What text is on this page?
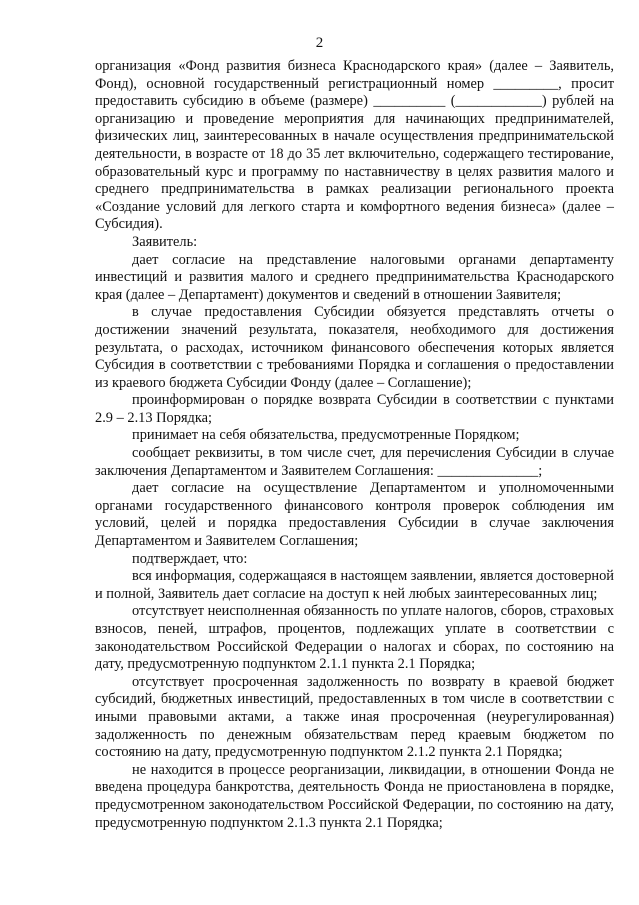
2

организация «Фонд развития бизнеса Краснодарского края» (далее – Заявитель, Фонд), основной государственный регистрационный номер _________, просит предоставить субсидию в объеме (размере) __________ (____________) рублей на организацию и проведение мероприятия для начинающих предпринимателей, физических лиц, заинтересованных в начале осуществления предпринимательской деятельности, в возрасте от 18 до 35 лет включительно, содержащего тестирование, образовательный курс и программу по наставничеству в целях развития малого и среднего предпринимательства в рамках реализации регионального проекта «Создание условий для легкого старта и комфортного ведения бизнеса» (далее – Субсидия).

Заявитель:

дает согласие на представление налоговыми органами департаменту инвестиций и развития малого и среднего предпринимательства Краснодарского края (далее – Департамент) документов и сведений в отношении Заявителя;

в случае предоставления Субсидии обязуется представлять отчеты о достижении значений результата, показателя, необходимого для достижения результата, о расходах, источником финансового обеспечения которых является Субсидия в соответствии с требованиями Порядка и соглашения о предоставлении из краевого бюджета Субсидии Фонду (далее – Соглашение);

проинформирован о порядке возврата Субсидии в соответствии с пунктами 2.9 – 2.13 Порядка;

принимает на себя обязательства, предусмотренные Порядком;

сообщает реквизиты, в том числе счет, для перечисления Субсидии в случае заключения Департаментом и Заявителем Соглашения: ______________;

дает согласие на осуществление Департаментом и уполномоченными органами государственного финансового контроля проверок соблюдения им условий, целей и порядка предоставления Субсидии в случае заключения Департаментом и Заявителем Соглашения;

подтверждает, что:

вся информация, содержащаяся в настоящем заявлении, является достоверной и полной, Заявитель дает согласие на доступ к ней любых заинтересованных лиц;

отсутствует неисполненная обязанность по уплате налогов, сборов, страховых взносов, пеней, штрафов, процентов, подлежащих уплате в соответствии с законодательством Российской Федерации о налогах и сборах, по состоянию на дату, предусмотренную подпунктом 2.1.1 пункта 2.1 Порядка;

отсутствует просроченная задолженность по возврату в краевой бюджет субсидий, бюджетных инвестиций, предоставленных в том числе в соответствии с иными правовыми актами, а также иная просроченная (неурегулированная) задолженность по денежным обязательствам перед краевым бюджетом по состоянию на дату, предусмотренную подпунктом 2.1.2 пункта 2.1 Порядка;

не находится в процессе реорганизации, ликвидации, в отношении Фонда не введена процедура банкротства, деятельность Фонда не приостановлена в порядке, предусмотренном законодательством Российской Федерации, по состоянию на дату, предусмотренную подпунктом 2.1.3 пункта 2.1 Порядка;
